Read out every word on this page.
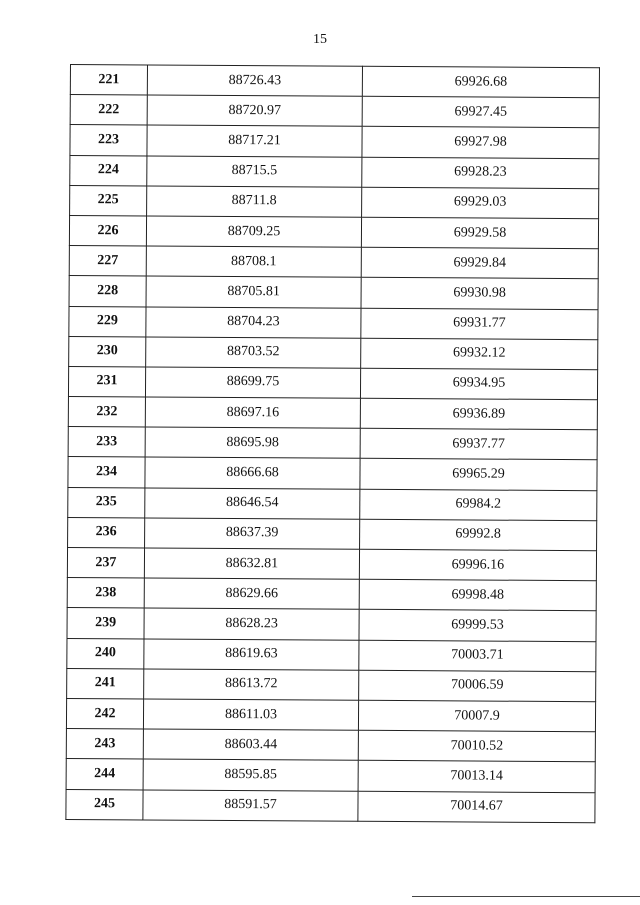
15
221	88726.43	69926.68
222	88720.97	69927.45
223	88717.21	69927.98
224	88715.5	69928.23
225	88711.8	69929.03
226	88709.25	69929.58
227	88708.1	69929.84
228	88705.81	69930.98
229	88704.23	69931.77
230	88703.52	69932.12
231	88699.75	69934.95
232	88697.16	69936.89
233	88695.98	69937.77
234	88666.68	69965.29
235	88646.54	69984.2
236	88637.39	69992.8
237	88632.81	69996.16
238	88629.66	69998.48
239	88628.23	69999.53
240	88619.63	70003.71
241	88613.72	70006.59
242	88611.03	70007.9
243	88603.44	70010.52
244	88595.85	70013.14
245	88591.57	70014.67
